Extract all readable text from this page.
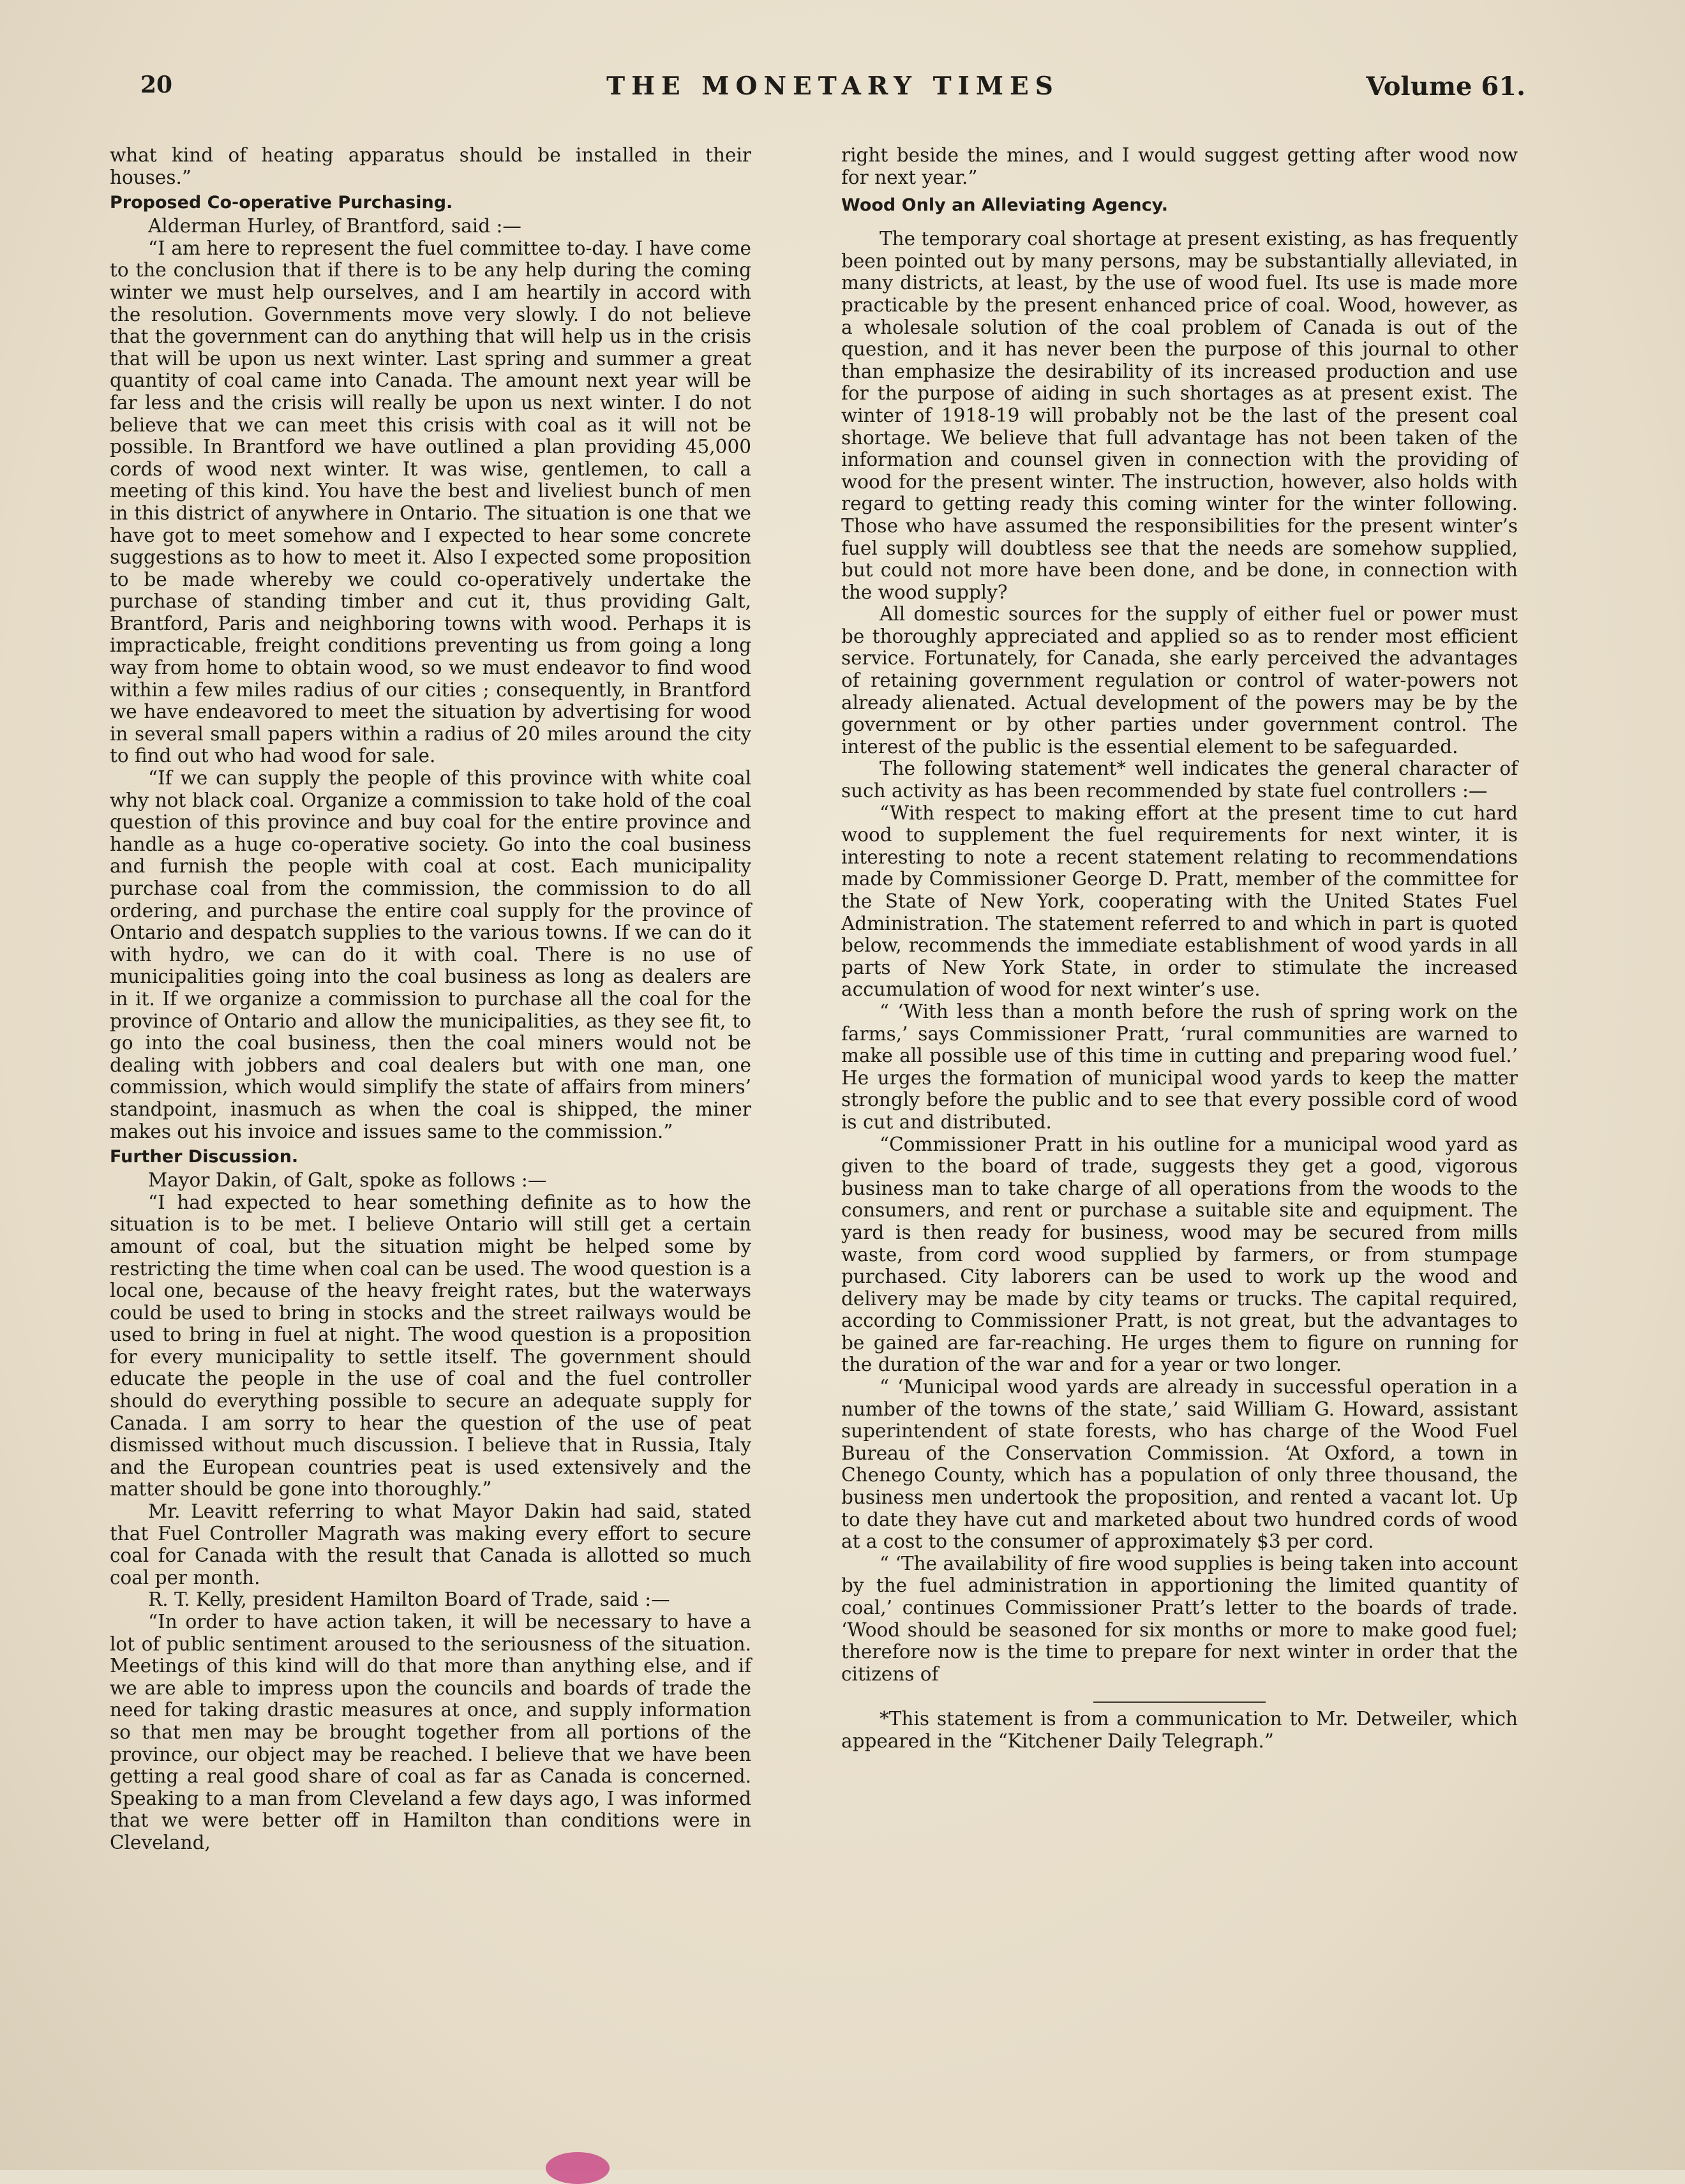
20	THE MONETARY TIMES	Volume 61.

what kind of heating apparatus should be installed in their houses.”

Proposed Co-operative Purchasing.

Alderman Hurley, of Brantford, said :—

“I am here to represent the fuel committee to-day. I have come to the conclusion that if there is to be any help during the coming winter we must help ourselves, and I am heartily in accord with the resolution. Governments move very slowly. I do not believe that the government can do anything that will help us in the crisis that will be upon us next winter. Last spring and summer a great quantity of coal came into Canada. The amount next year will be far less and the crisis will really be upon us next winter. I do not believe that we can meet this crisis with coal as it will not be possible. In Brantford we have outlined a plan providing 45,000 cords of wood next winter. It was wise, gentlemen, to call a meeting of this kind. You have the best and liveliest bunch of men in this district of anywhere in Ontario. The situation is one that we have got to meet somehow and I expected to hear some concrete suggestions as to how to meet it. Also I expected some proposition to be made whereby we could co-operatively undertake the purchase of standing timber and cut it, thus providing Galt, Brantford, Paris and neighboring towns with wood. Perhaps it is impracticable, freight conditions preventing us from going a long way from home to obtain wood, so we must endeavor to find wood within a few miles radius of our cities ; consequently, in Brantford we have endeavored to meet the situation by advertising for wood in several small papers within a radius of 20 miles around the city to find out who had wood for sale.

“If we can supply the people of this province with white coal why not black coal. Organize a commission to take hold of the coal question of this province and buy coal for the entire province and handle as a huge co-operative society. Go into the coal business and furnish the people with coal at cost. Each municipality purchase coal from the commission, the commission to do all ordering, and purchase the entire coal supply for the province of Ontario and despatch supplies to the various towns. If we can do it with hydro, we can do it with coal. There is no use of municipalities going into the coal business as long as dealers are in it. If we organize a commission to purchase all the coal for the province of Ontario and allow the municipalities, as they see fit, to go into the coal business, then the coal miners would not be dealing with jobbers and coal dealers but with one man, one commission, which would simplify the state of affairs from miners’ standpoint, inasmuch as when the coal is shipped, the miner makes out his invoice and issues same to the commission.”

Further Discussion.

Mayor Dakin, of Galt, spoke as follows :—

“I had expected to hear something definite as to how the situation is to be met. I believe Ontario will still get a certain amount of coal, but the situation might be helped some by restricting the time when coal can be used. The wood question is a local one, because of the heavy freight rates, but the waterways could be used to bring in stocks and the street railways would be used to bring in fuel at night. The wood question is a proposition for every municipality to settle itself. The government should educate the people in the use of coal and the fuel controller should do everything possible to secure an adequate supply for Canada. I am sorry to hear the question of the use of peat dismissed without much discussion. I believe that in Russia, Italy and the European countries peat is used extensively and the matter should be gone into thoroughly.”

Mr. Leavitt referring to what Mayor Dakin had said, stated that Fuel Controller Magrath was making every effort to secure coal for Canada with the result that Canada is allotted so much coal per month.

R. T. Kelly, president Hamilton Board of Trade, said :—

“In order to have action taken, it will be necessary to have a lot of public sentiment aroused to the seriousness of the situation. Meetings of this kind will do that more than anything else, and if we are able to impress upon the councils and boards of trade the need for taking drastic measures at once, and supply information so that men may be brought together from all portions of the province, our object may be reached. I believe that we have been getting a real good share of coal as far as Canada is concerned. Speaking to a man from Cleveland a few days ago, I was informed that we were better off in Hamilton than conditions were in Cleveland,

right beside the mines, and I would suggest getting after wood now for next year.”

Wood Only an Alleviating Agency.

The temporary coal shortage at present existing, as has frequently been pointed out by many persons, may be substantially alleviated, in many districts, at least, by the use of wood fuel. Its use is made more practicable by the present enhanced price of coal. Wood, however, as a wholesale solution of the coal problem of Canada is out of the question, and it has never been the purpose of this journal to other than emphasize the desirability of its increased production and use for the purpose of aiding in such shortages as at present exist. The winter of 1918-19 will probably not be the last of the present coal shortage. We believe that full advantage has not been taken of the information and counsel given in connection with the providing of wood for the present winter. The instruction, however, also holds with regard to getting ready this coming winter for the winter following. Those who have assumed the responsibilities for the present winter’s fuel supply will doubtless see that the needs are somehow supplied, but could not more have been done, and be done, in connection with the wood supply?

All domestic sources for the supply of either fuel or power must be thoroughly appreciated and applied so as to render most efficient service. Fortunately, for Canada, she early perceived the advantages of retaining government regulation or control of water-powers not already alienated. Actual development of the powers may be by the government or by other parties under government control. The interest of the public is the essential element to be safeguarded.

The following statement* well indicates the general character of such activity as has been recommended by state fuel controllers :—

“With respect to making effort at the present time to cut hard wood to supplement the fuel requirements for next winter, it is interesting to note a recent statement relating to recommendations made by Commissioner George D. Pratt, member of the committee for the State of New York, cooperating with the United States Fuel Administration. The statement referred to and which in part is quoted below, recommends the immediate establishment of wood yards in all parts of New York State, in order to stimulate the increased accumulation of wood for next winter’s use.

“ ‘With less than a month before the rush of spring work on the farms,’ says Commissioner Pratt, ‘rural communities are warned to make all possible use of this time in cutting and preparing wood fuel.’ He urges the formation of municipal wood yards to keep the matter strongly before the public and to see that every possible cord of wood is cut and distributed.

“Commissioner Pratt in his outline for a municipal wood yard as given to the board of trade, suggests they get a good, vigorous business man to take charge of all operations from the woods to the consumers, and rent or purchase a suitable site and equipment. The yard is then ready for business, wood may be secured from mills waste, from cord wood supplied by farmers, or from stumpage purchased. City laborers can be used to work up the wood and delivery may be made by city teams or trucks. The capital required, according to Commissioner Pratt, is not great, but the advantages to be gained are far-reaching. He urges them to figure on running for the duration of the war and for a year or two longer.

“ ‘Municipal wood yards are already in successful operation in a number of the towns of the state,’ said William G. Howard, assistant superintendent of state forests, who has charge of the Wood Fuel Bureau of the Conservation Commission. ‘At Oxford, a town in Chenego County, which has a population of only three thousand, the business men undertook the proposition, and rented a vacant lot. Up to date they have cut and marketed about two hundred cords of wood at a cost to the consumer of approximately $3 per cord.

“ ‘The availability of fire wood supplies is being taken into account by the fuel administration in apportioning the limited quantity of coal,’ continues Commissioner Pratt’s letter to the boards of trade. ‘Wood should be seasoned for six months or more to make good fuel; therefore now is the time to prepare for next winter in order that the citizens of

*This statement is from a communication to Mr. Detweiler, which appeared in the “Kitchener Daily Telegraph.”
